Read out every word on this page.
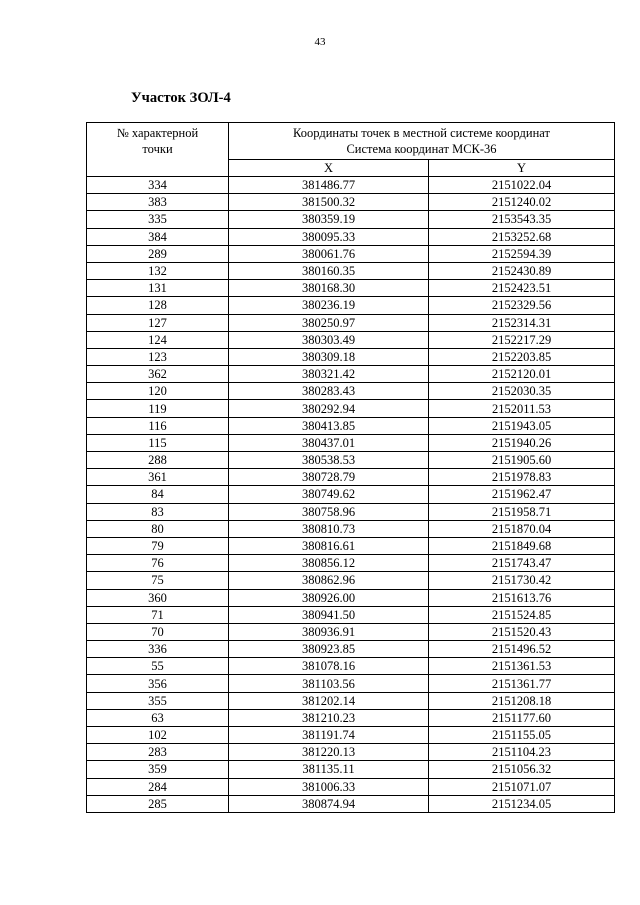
43
Участок ЗОЛ-4
№ характерной
точки	Координаты точек в местной системе координат
Система координат МСК-36	
	X	Y
334	381486.77	2151022.04
383	381500.32	2151240.02
335	380359.19	2153543.35
384	380095.33	2153252.68
289	380061.76	2152594.39
132	380160.35	2152430.89
131	380168.30	2152423.51
128	380236.19	2152329.56
127	380250.97	2152314.31
124	380303.49	2152217.29
123	380309.18	2152203.85
362	380321.42	2152120.01
120	380283.43	2152030.35
119	380292.94	2152011.53
116	380413.85	2151943.05
115	380437.01	2151940.26
288	380538.53	2151905.60
361	380728.79	2151978.83
84	380749.62	2151962.47
83	380758.96	2151958.71
80	380810.73	2151870.04
79	380816.61	2151849.68
76	380856.12	2151743.47
75	380862.96	2151730.42
360	380926.00	2151613.76
71	380941.50	2151524.85
70	380936.91	2151520.43
336	380923.85	2151496.52
55	381078.16	2151361.53
356	381103.56	2151361.77
355	381202.14	2151208.18
63	381210.23	2151177.60
102	381191.74	2151155.05
283	381220.13	2151104.23
359	381135.11	2151056.32
284	381006.33	2151071.07
285	380874.94	2151234.05
